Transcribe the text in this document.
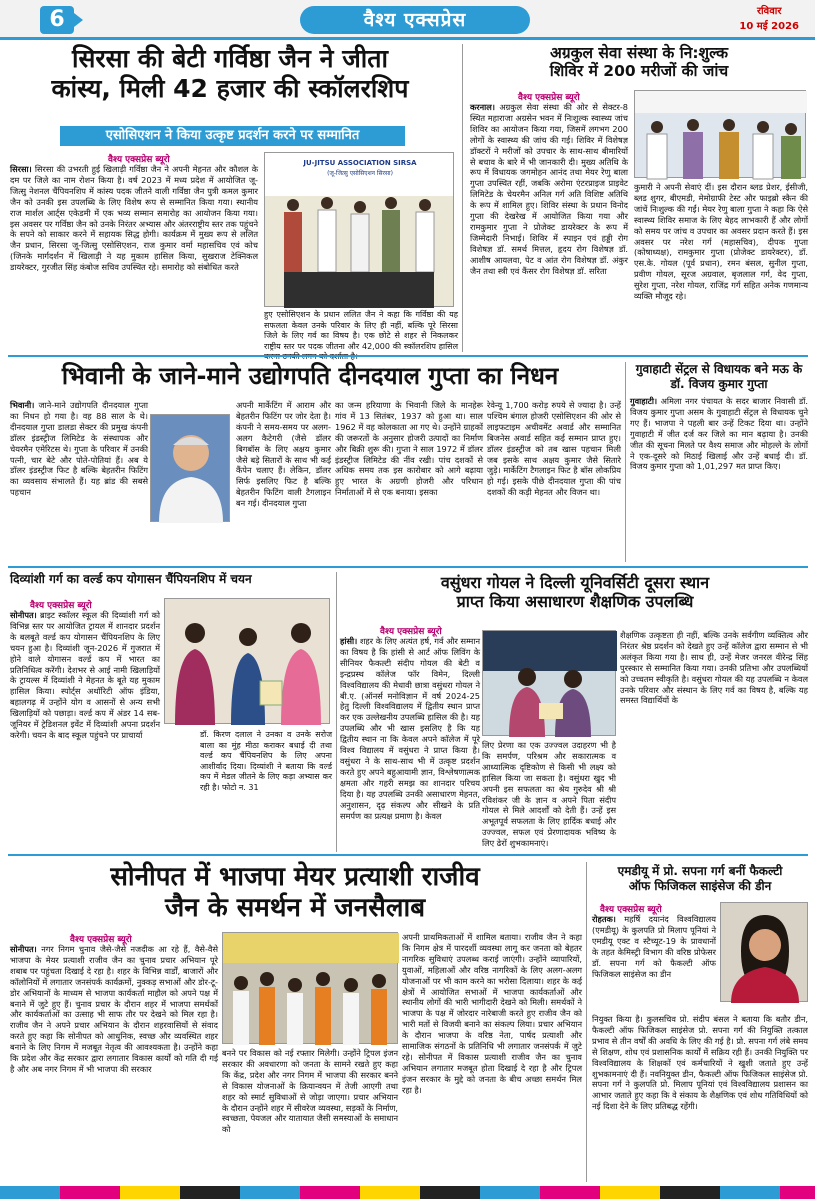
6	वैश्य एक्सप्रेस	रविवार
10 मई 2026
सिरसा की बेटी गर्विष्ठा जैन ने जीता
कांस्य, मिली 42 हजार की स्कॉलरशिप
एसोसिएशन ने किया उत्कृष्ट प्रदर्शन करने पर सम्मानित
वैश्य एक्सप्रेस ब्यूरो
सिरसा। सिरसा की उभरती हुई खिलाड़ी गर्विष्ठा जैन ने अपनी मेहनत और कौशल के दम पर जिले का नाम रोशन किया है। वर्ष 2023 में मध्य प्रदेश में आयोजित जू-जित्सु नेशनल चैंपियनशिप में कांस्य पदक जीतने वाली गर्विष्ठा जैन पुत्री कमल कुमार जैन को उनकी इस उपलब्धि के लिए विशेष रूप से सम्मानित किया गया। स्थानीय राज मार्शल आर्ट्स एकेडमी में एक भव्य सम्मान समारोह का आयोजन किया गया। इस अवसर पर गर्विष्ठा जैन को उनके निरंतर अभ्यास और अंतरराष्ट्रीय स्तर तक पहुंचने के सपने को साकार करने में सहायक सिद्ध होगी। कार्यक्रम में मुख्य रूप से ललित जैन प्रधान, सिरसा जू-जित्सु एसोसिएशन, राज कुमार वर्मा महासचिव एवं कोच (जिनके मार्गदर्शन में खिलाड़ी ने यह मुकाम हासिल किया, सुखराज टेक्निकल डायरेक्टर, गुरजीत सिंह कंबोज सचिव उपस्थित रहे। समारोह को संबोधित करते
JU-JITSU ASSOCIATION SIRSA
(जू-जित्सु एसोसिएशन सिरसा)
हुए एसोसिएशन के प्रधान ललित जैन ने कहा कि गर्विष्ठा की यह सफलता केवल उनके परिवार के लिए ही नहीं, बल्कि पूरे सिरसा जिले के लिए गर्व का विषय है। एक छोटे से शहर से निकलकर राष्ट्रीय स्तर पर पदक जीतना और 42,000 की स्कॉलरशिप हासिल
अग्रकुल सेवा संस्था के नि:शुल्क
शिविर में 200 मरीजों की जांच
वैश्य एक्सप्रेस ब्यूरो
करनाल। अग्रकुल सेवा संस्था की ओर से सेक्टर-8 स्थित महाराजा अग्रसेन भवन में निःशुल्क स्वास्थ्य जांच शिविर का आयोजन किया गया, जिसमें लगभग 200 लोगों के स्वास्थ्य की जांच की गई। शिविर में विशेषज्ञ डॉक्टरों ने मरीजों को उपचार के साथ-साथ बीमारियों से बचाव के बारे में भी जानकारी दी। मुख्य अतिथि के रूप में विधायक जगमोहन आनंद तथा मेयर रेणु बाला गुप्ता उपस्थित रहीं, जबकि अरोमा एंटरप्राइज प्राइवेट लिमिटेड के चेयरमैन अनिल गर्ग अति विशिष्ट अतिथि के रूप में शामिल हुए। शिविर संस्था के प्रधान विनोद गुप्ता की देखरेख में आयोजित किया गया और रामकुमार गुप्ता ने प्रोजेक्ट डायरेक्टर के रूप में जिम्मेदारी निभाई। शिविर में स्पाइन एवं हड्डी रोग विशेषज्ञ डॉ. समर्थ मित्तल, हृदय रोग विशेषज्ञ डॉ. आशीष आयलवा, पेट व आंत रोग विशेषज्ञ डॉ. अंकुर जैन तथा स्त्री एवं कैंसर रोग विशेषज्ञ डॉ. सरिता
कुमारी ने अपनी सेवाएं दीं। इस दौरान ब्लड प्रेशर, ईसीजी, ब्लड शुगर, बीएमडी, मेमोग्राफी टेस्ट और फाइब्रो स्कैन की जांचें निःशुल्क की गईं। मेयर रेणु बाला गुप्ता ने कहा कि ऐसे स्वास्थ्य शिविर समाज के लिए बेहद लाभकारी हैं और लोगों को समय पर जांच व उपचार का अवसर प्रदान करते हैं। इस अवसर पर नरेश गर्ग (महासचिव), दीपक गुप्ता (कोषाध्यक्ष), रामकुमार गुप्ता (प्रोजेक्ट डायरेक्टर), डॉ. एस.के. गोयल (पूर्व प्रधान), रमन बंसल, सुनील गुप्ता, प्रवीण गोयल, सूरज अग्रवाल, बृजलाल गर्ग, वेद गुप्ता, सुरेश गुप्ता, नरेश गोयल, राजिंद्र गर्ग सहित अनेक गणमान्य व्यक्ति मौजूद रहे।
भिवानी के जाने-माने उद्योगपति दीनदयाल गुप्ता का निधन
भिवानी। जाने-माने उद्योगपति दीनदयाल गुप्ता का निधन हो गया है। वह 88 साल के थे। दीनदयाल गुप्ता डालडा सेक्टर की प्रमुख कंपनी डॉलर इंडस्ट्रीज लिमिटेड के संस्थापक और चेयरमैन एमेरिटस थे। गुप्ता के परिवार में उनकी पत्नी, चार बेटे और पोते-पोतियां हैं। अब ये डॉलर इंडस्ट्रीज फिट है बल्कि बेहतरीन फिटिंग का व्यवसाय संभालते हैं। यह ब्रांड की सबसे पहचान
अपनी मार्केटिंग में आराम और बेहतरीन फिटिंग पर जोर देता है। कंपनी ने समय-समय पर अलग-अलग कैटेगरी (जैसे डॉलर बिगबॉस के लिए अक्षय कुमार जैसे बड़े सितारों के साथ भी कई कैंपेन चलाए हैं। लेकिन, डॉलर सिर्फ इसलिए फिट है बल्कि बेहतरीन फिटिंग वाली टैगलाइन बन गई। दीनदयाल गुप्ता
का जन्म हरियाणा के भिवानी जिले के मानहेरू गांव में 13 सितंबर, 1937 को हुआ था। साल 1962 में वह कोलकाता आ गए थे। उन्होंने ग्राहकों की जरूरतों के अनुसार होजरी उत्पादों का निर्माण और बिक्री शुरू की। गुप्ता ने साल 1972 में डॉलर इंडस्ट्रीज लिमिटेड की नींव रखी। पांच दशकों से अधिक समय तक इस कारोबार को आगे बढ़ाया हुए भारत के अग्रणी होजरी और परिधान निर्माताओं में से एक बनाया। इसका
रेवेन्यू 1,700 करोड़ रुपये से ज्यादा है। उन्हें पश्चिम बंगाल होजरी एसोसिएशन की ओर से लाइफटाइम अचीवमेंट अवार्ड और सम्मानित बिजनेस अवार्ड सहित कई सम्मान प्राप्त हुए। डॉलर इंडस्ट्रीज को तब खास पहचान मिली जब इसके साथ अक्षय कुमार जैसे सितारे जुड़े। मार्केटिंग टैगलाइन फिट है बॉस लोकप्रिय हो गई। इसके पीछे दीनदयाल गुप्ता की पांच दशकों की कड़ी मेहनत और विजन था।
गुवाहाटी सेंट्रल से विधायक बने मऊ के डॉ. विजय कुमार गुप्ता
गुवाहाटी। अमिला नगर पंचायत के सदर बाजार निवासी डॉ. विजय कुमार गुप्ता असम के गुवाहाटी सेंट्रल से विधायक चुने गए हैं। भाजपा ने पहली बार उन्हें टिकट दिया था। उन्होंने गुवाहाटी में जीत दर्ज कर जिले का मान बढ़ाया है। उनकी जीत की सूचना मिलते पर वैश्य समाज और मोहल्ले के लोगों ने एक-दूसरे को मिठाई खिलाई और उन्हें बधाई दी। डॉ. विजय कुमार गुप्ता को 1,01,297 मत प्राप्त किए।
दिव्यांशी गर्ग का वर्ल्ड कप योगासन चैंपियनशिप में चयन
वैश्य एक्सप्रेस ब्यूरो
सोनीपत। ब्राइट स्कॉलर स्कूल की दिव्यांशी गर्ग को विभिन्न स्तर पर आयोजित ट्रायल में शानदार प्रदर्शन के बलबूते वर्ल्ड कप योगासन चैंपियनशिप के लिए चयन हुआ है। दिव्यांशी जून-2026 में गुजरात में होने वाले योगासन वर्ल्ड कप में भारत का प्रतिनिधित्व करेंगी। देशभर से आई नामी खिलाड़ियों के ट्रायल्स में दिव्यांशी ने मेहनत के बूते यह मुकाम हासिल किया। स्पोर्ट्स अथॉरिटी ऑफ इंडिया, बहालगढ़ में उन्होंने योग व आसनों से अन्य सभी खिलाड़ियों को पछाड़ा। वर्ल्ड कप में अंडर 14 सब-जूनियर में ट्रेडिशनल इवेंट में दिव्यांशी अपना प्रदर्शन करेगी। चयन के बाद स्कूल पहुंचने पर प्राचार्या	डॉ. किरण दलाल ने उनका व उनके सरोज बाला का मुंह मीठा कराकर बधाई दी तथा वर्ल्ड कप चैंपियनशिप के लिए अपना आशीर्वाद दिया। दिव्यांशी ने बताया कि वर्ल्ड कप में मेडल जीतने के लिए कड़ा अभ्यास कर रही है। फोटो न. 31
वसुंधरा गोयल ने दिल्ली यूनिवर्सिटी दूसरा स्थान
प्राप्त किया असाधारण शैक्षणिक उपलब्धि
वैश्य एक्सप्रेस ब्यूरो
हांसी। शहर के लिए अत्यंत हर्ष, गर्व और सम्मान का विषय है कि हांसी से आर्ट ऑफ लिविंग के सीनियर फैकल्टी संदीप गोयल की बेटी व इन्द्रप्रस्थ कॉलेज फॉर विमेन, दिल्ली विश्वविद्यालय की मेधावी छात्रा वसुंधरा गोयल ने बी.ए. (ऑनर्स मनोविज्ञान में वर्ष 2024-25 हेतु दिल्ली विश्वविद्यालय में द्वितीय स्थान प्राप्त कर एक उल्लेखनीय उपलब्धि हासिल की है। यह उपलब्धि और भी खास इसलिए है कि यह द्वितीय स्थान ना कि केवल अपने कॉलेज में पूरे विश्व विद्यालय में वसुंधरा ने प्राप्त किया है। वसुंधरा ने के साथ-साथ भी में उत्कृष्ट प्रदर्शन करते हुए अपने बहुआयामी ज्ञान, विश्लेषणात्मक क्षमता और गहरी समझ का शानदार परिचय दिया है। यह उपलब्धि उनकी असाधारण मेहनत, अनुशासन, दृढ़ संकल्प और सीखने के प्रति समर्पण का प्रत्यक्ष प्रमाण है। केवल
लिए प्रेरणा का एक उज्ज्वल उदाहरण भी है कि समर्पण, परिश्रम और सकारात्मक व आध्यात्मिक दृष्टिकोण से किसी भी लक्ष्य को हासिल किया जा सकता है। वसुंधरा खुद भी अपनी इस सफलता का श्रेय गुरुदेव श्री श्री रविशंकर जी के ज्ञान व अपने पिता संदीप गोयल से मिले आदर्शों को देती हैं। उन्हें इस अभूतपूर्व सफलता के लिए हार्दिक बधाई और उज्ज्वल, सफल एवं प्रेरणादायक भविष्य के लिए ढेरों शुभकामनाएं।
शैक्षणिक उत्कृष्टता ही नहीं, बल्कि उनके सर्वगीण व्यक्तित्व और निरंतर श्रेष्ठ प्रदर्शन को देखते हुए उन्हें कॉलेज द्वारा सम्मान से भी अलंकृत किया गया है। साथ ही, उन्हें मेजर जनरल वीरेन्द्र सिंह पुरस्कार से सम्मानित किया गया। उनकी प्रतिभा और उपलब्धियों को उच्चतम स्वीकृति है। वसुंधरा गोयल की यह उपलब्धि न केवल उनके परिवार और संस्थान के लिए गर्व का विषय है, बल्कि यह समस्त विद्यार्थियों के
सोनीपत में भाजपा मेयर प्रत्याशी राजीव
जैन के समर्थन में जनसैलाब
वैश्य एक्सप्रेस ब्यूरो
सोनीपत। नगर निगम चुनाव जैसे-जैसे नजदीक आ रहे हैं, वैसे-वैसे भाजपा के मेयर प्रत्याशी राजीव जैन का चुनाव प्रचार अभियान पूरे शबाब पर पहुंचता दिखाई दे रहा है। शहर के विभिन्न वार्डों, बाजारों और कॉलोनियों में लगातार जनसंपर्क कार्यक्रमों, नुक्कड़ सभाओं और डोर-टू-डोर अभियानों के माध्यम से भाजपा कार्यकर्ता माहौल को अपने पक्ष में बनाने में जुटे हुए हैं। चुनाव प्रचार के दौरान शहर में भाजपा समर्थकों और कार्यकर्ताओं का उत्साह भी साफ तौर पर देखने को मिल रहा है। राजीव जैन ने अपने प्रचार अभियान के दौरान शहरवासियों से संवाद करते हुए कहा कि सोनीपत को आधुनिक, स्वच्छ और व्यवस्थित शहर बनाने के लिए निगम में मजबूत नेतृत्व की आवश्यकता है। उन्होंने कहा कि प्रदेश और केंद्र सरकार द्वारा लगातार विकास कार्यों को गति दी गई है और अब नगर निगम में भी भाजपा की सरकार
बनने पर विकास को नई रफ्तार मिलेगी। उन्होंने ट्रिपल इंजन सरकार की अवधारणा को जनता के सामने रखते हुए कहा कि केंद्र, प्रदेश और नगर निगम में भाजपा की सरकार बनने से विकास योजनाओं के क्रियान्वयन में तेजी आएगी तथा शहर को स्मार्ट सुविधाओं से जोड़ा जाएगा। प्रचार अभियान के दौरान उन्होंने शहर में सीवरेज व्यवस्था, सड़कों के निर्माण, स्वच्छता, पेयजल और यातायात जैसी समस्याओं के समाधान को
अपनी प्राथमिकताओं में शामिल बताया। राजीव जैन ने कहा कि निगम क्षेत्र में पारदर्शी व्यवस्था लागू कर जनता को बेहतर नागरिक सुविधाएं उपलब्ध कराई जाएंगी। उन्होंने व्यापारियों, युवाओं, महिलाओं और वरिष्ठ नागरिकों के लिए अलग-अलग योजनाओं पर भी काम करने का भरोसा दिलाया। शहर के कई क्षेत्रों में आयोजित सभाओं में भाजपा कार्यकर्ताओं और स्थानीय लोगों की भारी भागीदारी देखने को मिली। समर्थकों ने भाजपा के पक्ष में जोरदार नारेबाजी करते हुए राजीव जैन को भारी मतों से विजयी बनाने का संकल्प लिया। प्रचार अभियान के दौरान भाजपा के वरिष्ठ नेता, पार्षद प्रत्याशी और सामाजिक संगठनों के प्रतिनिधि भी लगातार जनसंपर्क में जुटे रहे। सोनीपत में विकास प्रत्याशी राजीव जैन का चुनाव अभियान लगातार मजबूत होता दिखाई दे रहा है और ट्रिपल इंजन सरकार के मुद्दे को जनता के बीच अच्छा समर्थन मिल रहा है।
एमडीयू में प्रो. सपना गर्ग बनीं फैकल्टी
ऑफ फिजिकल साइंसेज की डीन
वैश्य एक्सप्रेस ब्यूरो
रोहतक। महर्षि दयानंद विश्वविद्यालय (एमडीयू) के कुलपति प्रो मिलाप पूनियां ने एमडीयू एक्ट व स्टैच्यूट-19 के प्रावधानों के तहत केमिस्ट्री विभाग की वरिष्ठ प्रोफेसर डॉ. सपना गर्ग को फैकल्टी ऑफ फिजिकल साइंसेज का डीन
नियुक्त किया है। कुलसचिव प्रो. संदीप बंसल ने बताया कि बतौर डीन, फैकल्टी ऑफ फिजिकल साइंसेज प्रो. सपना गर्ग की नियुक्ति तत्काल प्रभाव से तीन वर्षों की अवधि के लिए की गई है। प्रो. सपना गर्ग लंबे समय से शिक्षण, शोध एवं प्रशासनिक कार्यों में सक्रिय रही हैं। उनकी नियुक्ति पर विश्वविद्यालय के शिक्षकों एवं कर्मचारियों ने खुशी जताते हुए उन्हें शुभकामनाएं दी हैं। नवनियुक्त डीन, फैकल्टी ऑफ फिजिकल साइंसेज प्रो. सपना गर्ग ने कुलपति प्रो. मिलाप पूनियां एवं विश्वविद्यालय प्रशासन का आभार जताते हुए कहा कि वे संकाय के शैक्षणिक एवं शोध गतिविधियों को नई दिशा देने के लिए प्रतिबद्ध रहेंगी।
